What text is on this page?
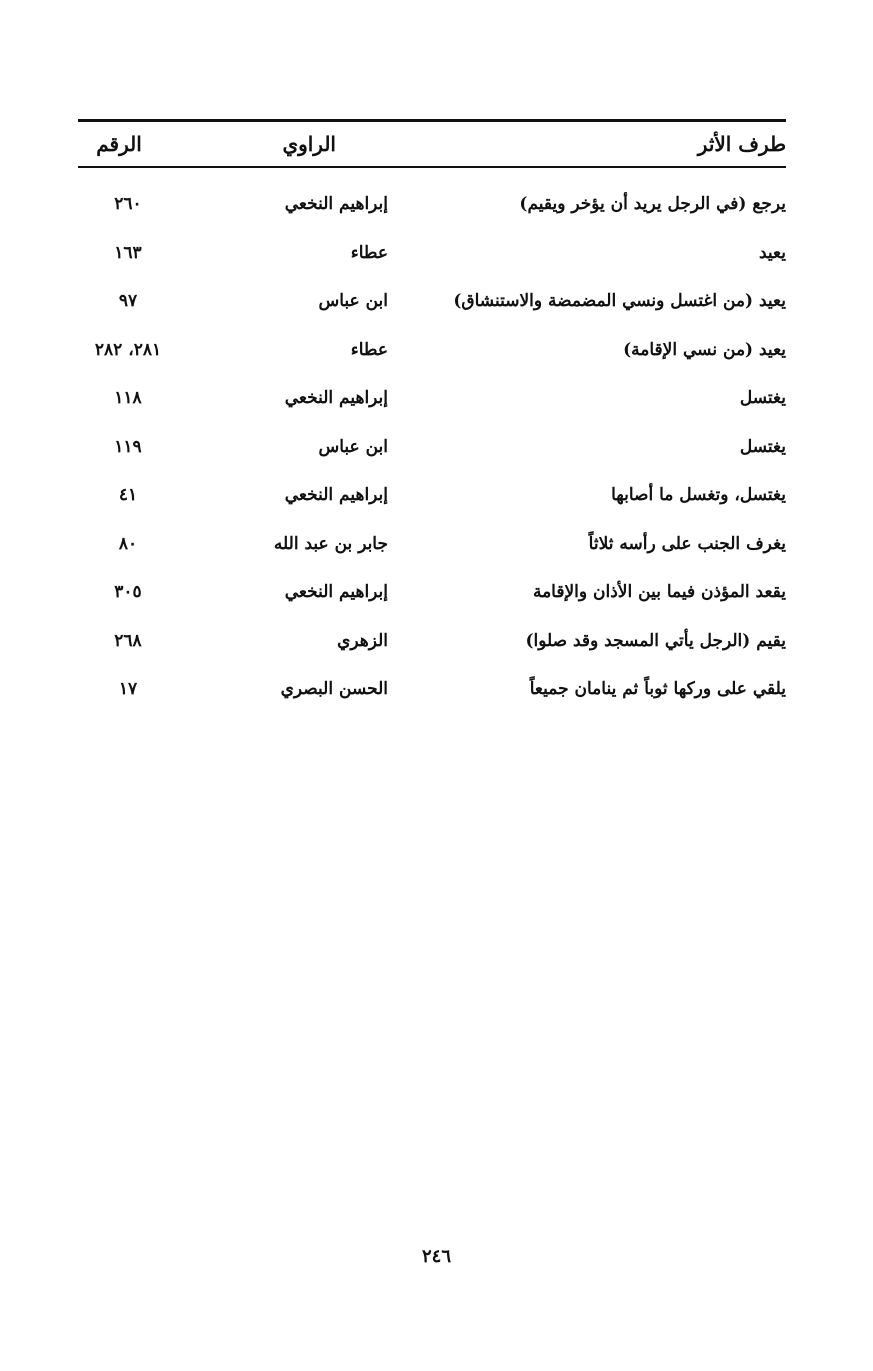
طرف الأثر
الراوي
الرقم
يرجع (في الرجل يريد أن يؤخر ويقيم)
إبراهيم النخعي
٢٦٠
يعيد
عطاء
١٦٣
يعيد (من اغتسل ونسي المضمضة والاستنشاق)
ابن عباس
٩٧
يعيد (من نسي الإقامة)
عطاء
٢٨١، ٢٨٢
يغتسل
إبراهيم النخعي
١١٨
يغتسل
ابن عباس
١١٩
يغتسل، وتغسل ما أصابها
إبراهيم النخعي
٤١
يغرف الجنب على رأسه ثلاثاً
جابر بن عبد الله
٨٠
يقعد المؤذن فيما بين الأذان والإقامة
إبراهيم النخعي
٣٠٥
يقيم (الرجل يأتي المسجد وقد صلوا)
الزهري
٢٦٨
يلقي على وركها ثوباً ثم ينامان جميعاً
الحسن البصري
١٧
٢٤٦
